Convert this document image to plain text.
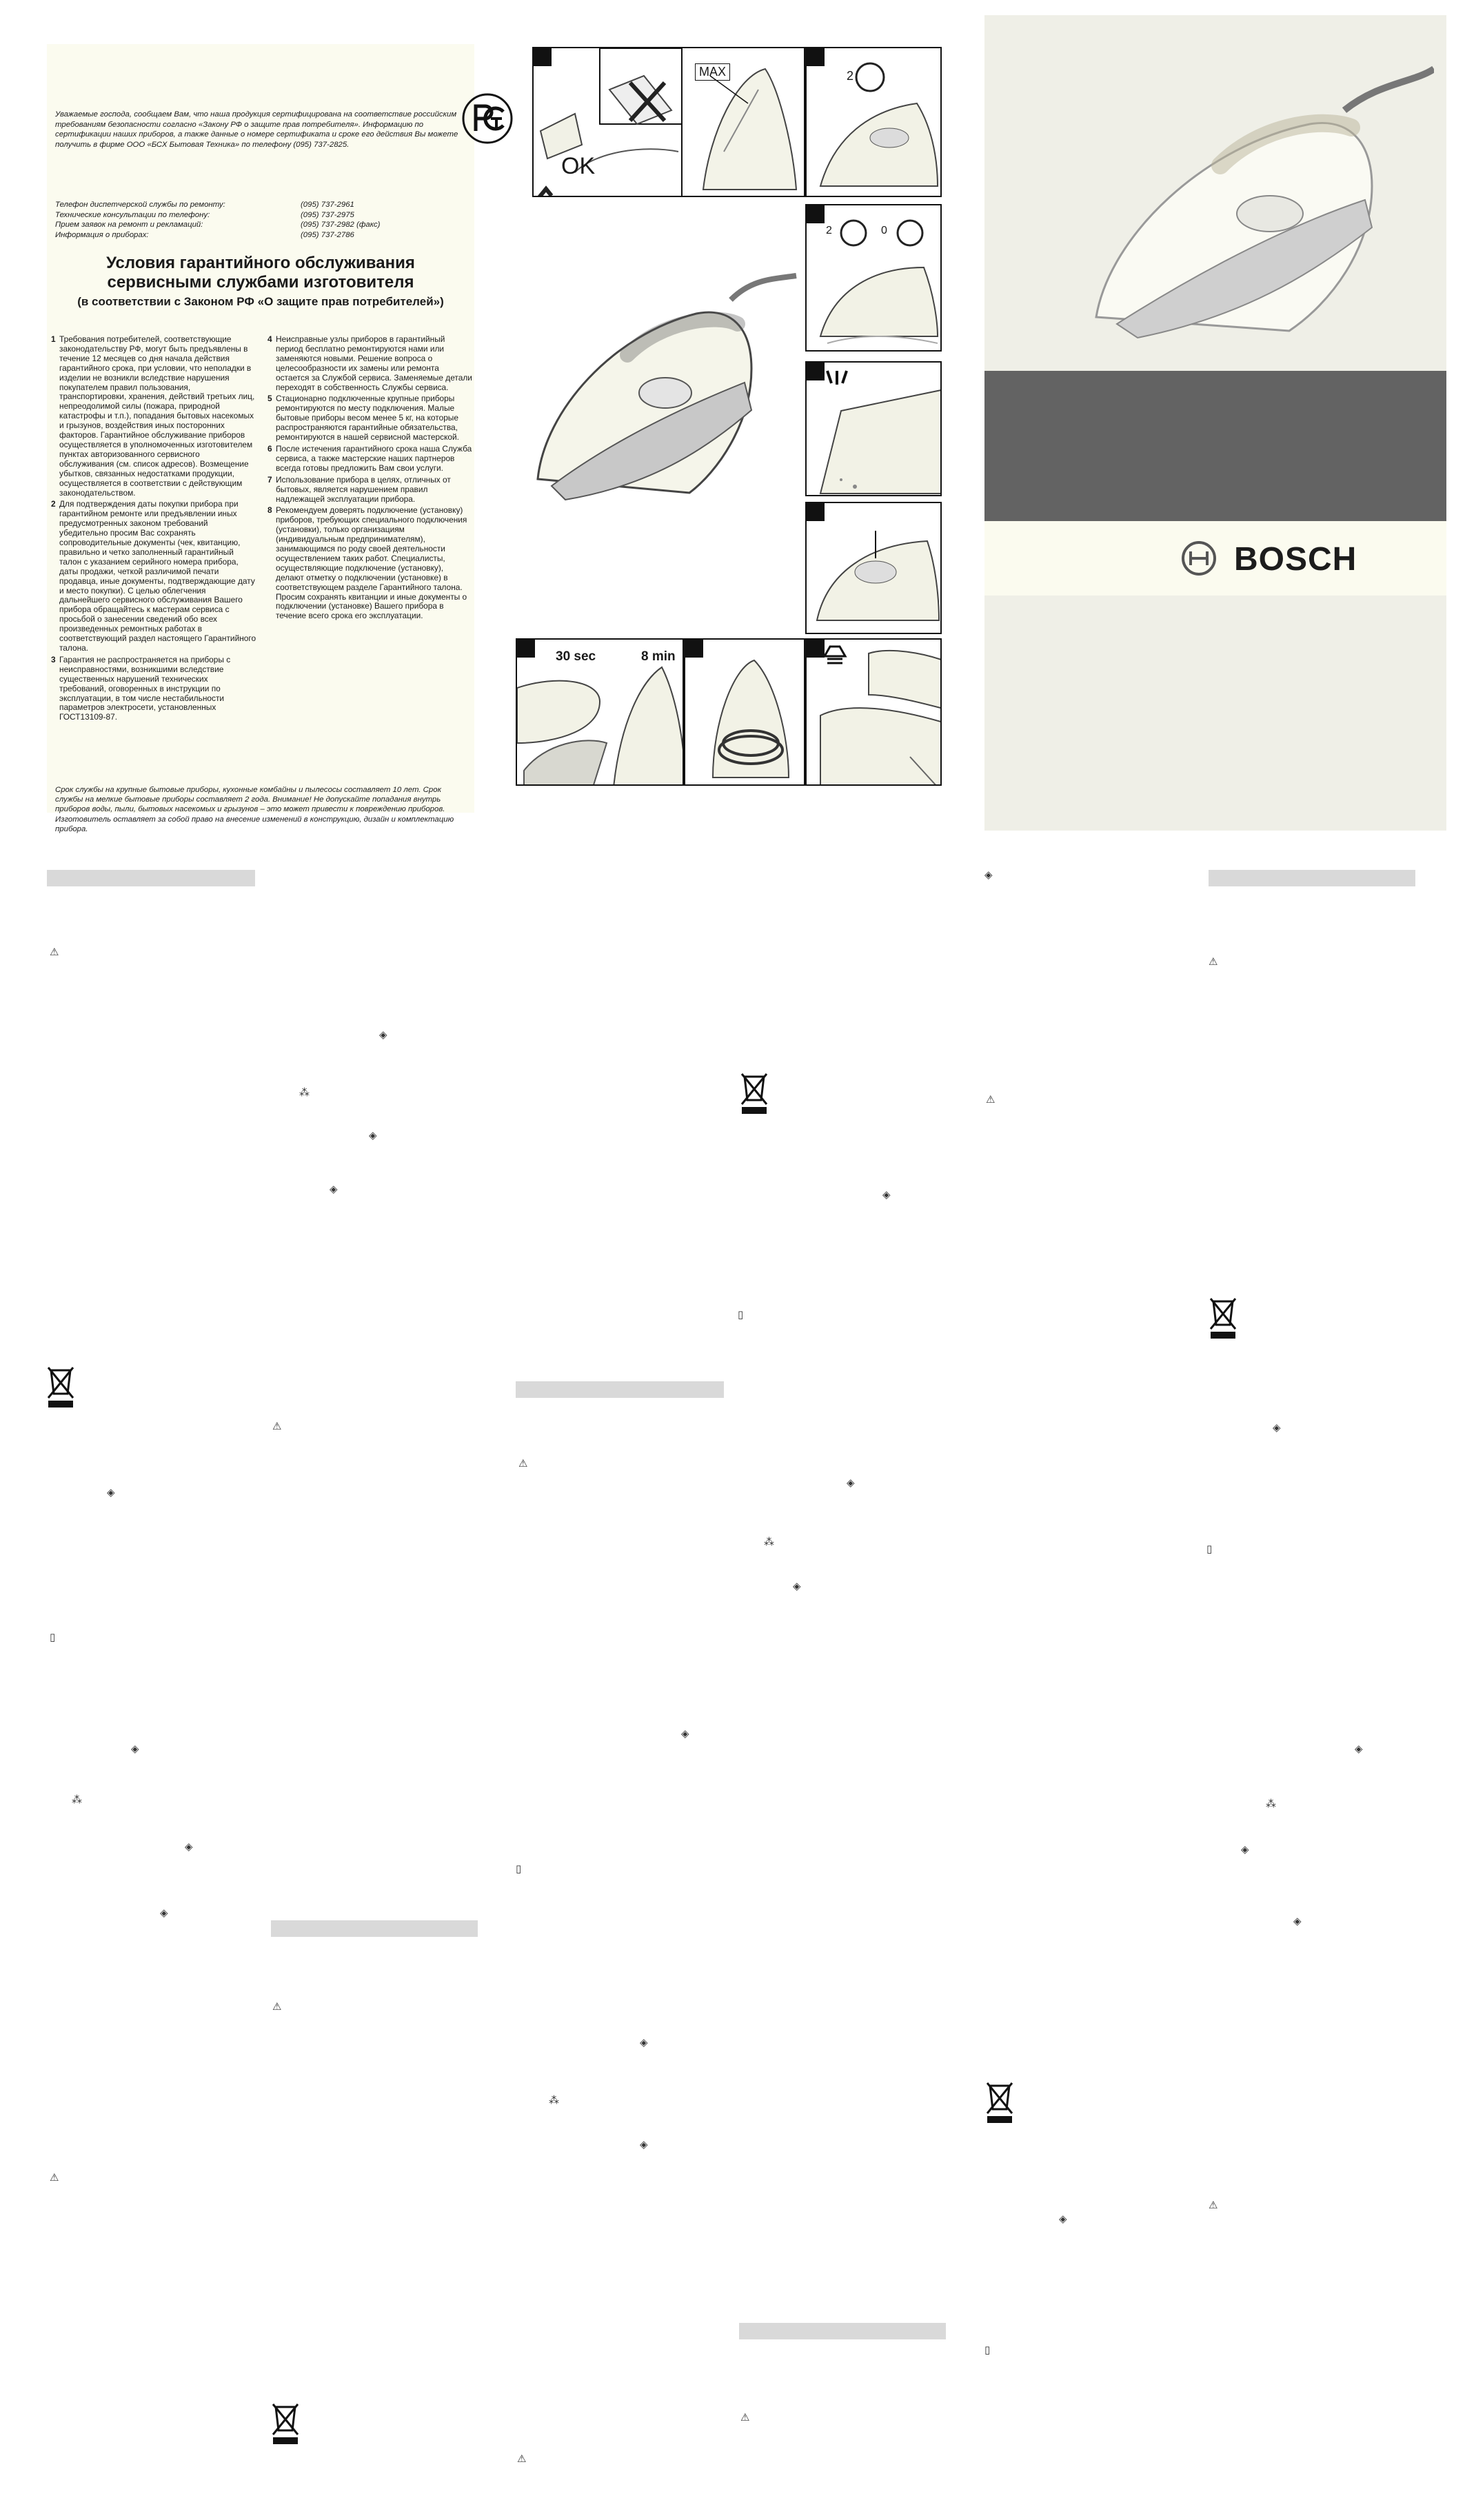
Уважаемые господа, сообщаем Вам, что наша продукция сертифицирована на соответствие российским требованиям безопасности согласно «Закону РФ о защите прав потребителя». Информацию по сертификации наших приборов, а также данные о номере сертификата и сроке его действия Вы можете получить в фирме ООО «БСХ Бытовая Техника» по телефону (095) 737-2825.
Телефон диспетчерской службы по ремонту:	(095) 737-2961
Технические консультации по телефону:	(095) 737-2975
Прием заявок на ремонт и рекламаций:	(095) 737-2982 (факс)
Информация о приборах:	(095) 737-2786
Условия гарантийного обслуживания
сервисными службами изготовителя
(в соответствии с Законом РФ «О защите прав потребителей»)
1 Требования потребителей, соответствующие законодательству РФ, могут быть предъявлены в течение 12 месяцев со дня начала действия гарантийного срока, при условии, что неполадки в изделии не возникли вследствие нарушения покупателем правил пользования, транспортировки, хранения, действий третьих лиц, непреодолимой силы (пожара, природной катастрофы и т.п.), попадания бытовых насекомых и грызунов, воздействия иных посторонних факторов. Гарантийное обслуживание приборов осуществляется в уполномоченных изготовителем пунктах авторизованного сервисного обслуживания (см. список адресов). Возмещение убытков, связанных недостатками продукции, осуществляется в соответствии с действующим законодательством.
2 Для подтверждения даты покупки прибора при гарантийном ремонте или предъявлении иных предусмотренных законом требований убедительно просим Вас сохранять сопроводительные документы (чек, квитанцию, правильно и четко заполненный гарантийный талон с указанием серийного номера прибора, даты продажи, четкой различимой печати продавца, иные документы, подтверждающие дату и место покупки). С целью облегчения дальнейшего сервисного обслуживания Вашего прибора обращайтесь к мастерам сервиса с просьбой о занесении сведений обо всех произведенных ремонтных работах в соответствующий раздел настоящего Гарантийного талона.
3 Гарантия не распространяется на приборы с неисправностями, возникшими вследствие существенных нарушений технических требований, оговоренных в инструкции по эксплуатации, в том числе нестабильности параметров электросети, установленных ГОСТ13109-87.
4 Неисправные узлы приборов в гарантийный период бесплатно ремонтируются нами или заменяются новыми. Решение вопроса о целесообразности их замены или ремонта остается за Службой сервиса. Заменяемые детали переходят в собственность Службы сервиса.
5 Стационарно подключенные крупные приборы ремонтируются по месту подключения. Малые бытовые приборы весом менее 5 кг, на которые распространяются гарантийные обязательства, ремонтируются в нашей сервисной мастерской.
6 После истечения гарантийного срока наша Служба сервиса, а также мастерские наших партнеров всегда готовы предложить Вам свои услуги.
7 Использование прибора в целях, отличных от бытовых, является нарушением правил надлежащей эксплуатации прибора.
8 Рекомендуем доверять подключение (установку) приборов, требующих специального подключения (установки), только организациям (индивидуальным предпринимателям), занимающимся по роду своей деятельности осуществлением таких работ. Специалисты, осуществляющие подключение (установку), делают отметку о подключении (установке) в соответствующем разделе Гарантийного талона. Просим сохранять квитанции и иные документы о подключении (установке) Вашего прибора в течение всего срока его эксплуатации.
Срок службы на крупные бытовые приборы, кухонные комбайны и пылесосы составляет 10 лет. Срок службы на мелкие бытовые приборы составляет 2 года. Внимание! Не допускайте попадания внутрь приборов воды, пыли, бытовых насекомых и грызунов – это может привести к повреждению приборов. Изготовитель оставляет за собой право на внесение изменений в конструкцию, дизайн и комплектацию прибора.
OK
MAX	2
2	0
30 sec	8 min
BOSCH
⚠
⚠
⚠
⚠
⚠
⚠
⚠
⚠
⚠
⚠
◈
◈
◈
◈
◈
◈
◈
◈
◈
◈
◈
◈
◈
◈
◈
◈
◈
◈
◈
⁂
⁂
⁂	⁂
⁂
▯
▯
▯
▯
▯
